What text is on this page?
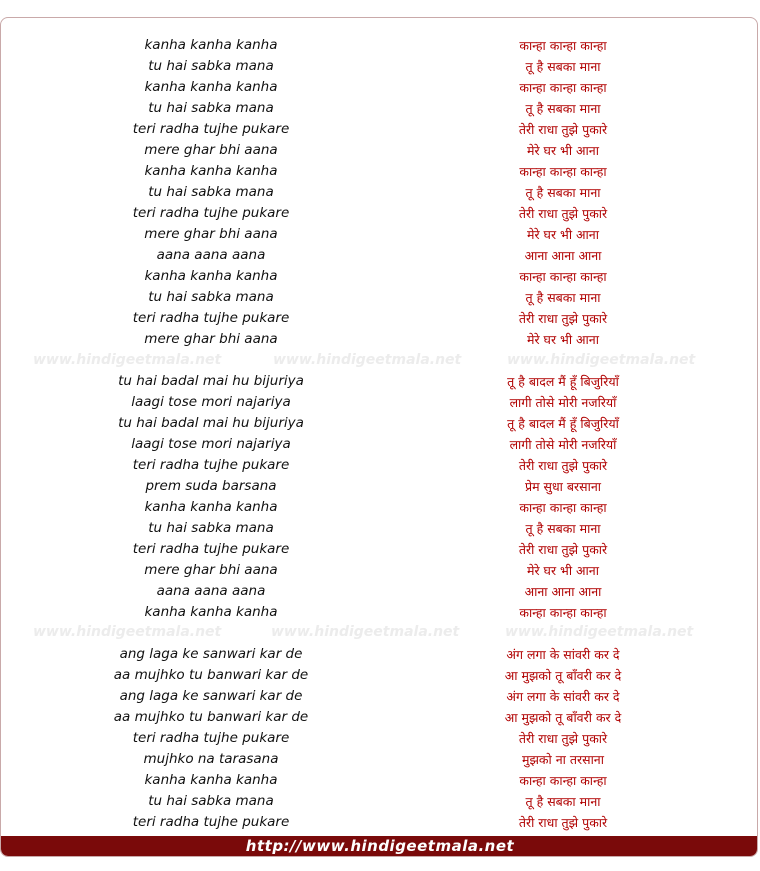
kanha kanha kanha	कान्हा कान्हा कान्हा
tu hai sabka mana	तू है सबका माना
kanha kanha kanha	कान्हा कान्हा कान्हा
tu hai sabka mana	तू है सबका माना
teri radha tujhe pukare	तेरी राधा तुझे पुकारे
mere ghar bhi aana	मेरे घर भी आना
kanha kanha kanha	कान्हा कान्हा कान्हा
tu hai sabka mana	तू है सबका माना
teri radha tujhe pukare	तेरी राधा तुझे पुकारे
mere ghar bhi aana	मेरे घर भी आना
aana aana aana	आना आना आना
kanha kanha kanha	कान्हा कान्हा कान्हा
tu hai sabka mana	तू है सबका माना
teri radha tujhe pukare	तेरी राधा तुझे पुकारे
mere ghar bhi aana	मेरे घर भी आना
www.hindigeetmala.net	www.hindigeetmala.net	www.hindigeetmala.net
tu hai badal mai hu bijuriya	तू है बादल मैं हूँ बिजुरियाँ
laagi tose mori najariya	लागी तोसे मोरी नजरियाँ
tu hai badal mai hu bijuriya	तू है बादल मैं हूँ बिजुरियाँ
laagi tose mori najariya	लागी तोसे मोरी नजरियाँ
teri radha tujhe pukare	तेरी राधा तुझे पुकारे
prem suda barsana	प्रेम सुधा बरसाना
kanha kanha kanha	कान्हा कान्हा कान्हा
tu hai sabka mana	तू है सबका माना
teri radha tujhe pukare	तेरी राधा तुझे पुकारे
mere ghar bhi aana	मेरे घर भी आना
aana aana aana	आना आना आना
kanha kanha kanha	कान्हा कान्हा कान्हा
www.hindigeetmala.net	www.hindigeetmala.net	www.hindigeetmala.net
ang laga ke sanwari kar de	अंग लगा के सांवरी कर दे
aa mujhko tu banwari kar de	आ मुझको तू बाँवरी कर दे
ang laga ke sanwari kar de	अंग लगा के सांवरी कर दे
aa mujhko tu banwari kar de	आ मुझको तू बाँवरी कर दे
teri radha tujhe pukare	तेरी राधा तुझे पुकारे
mujhko na tarasana	मुझको ना तरसाना
kanha kanha kanha	कान्हा कान्हा कान्हा
tu hai sabka mana	तू है सबका माना
teri radha tujhe pukare	तेरी राधा तुझे पुकारे
http://www.hindigeetmala.net
